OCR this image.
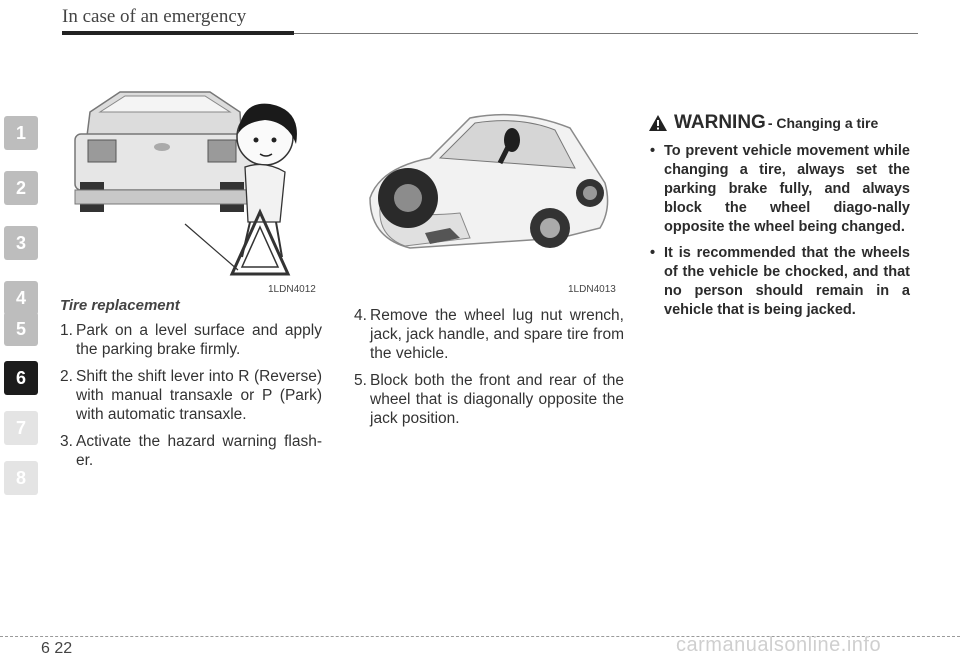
In case of an emergency
1
2
3
4
5
6
7
8
1LDN4012	1LDN4013
Tire replacement
1. Park on a level surface and apply the parking brake firmly.
2. Shift the shift lever into R (Reverse) with manual transaxle or P (Park) with automatic transaxle.
3. Activate the hazard warning flash-er.
4. Remove the wheel lug nut wrench, jack, jack handle, and spare tire from the vehicle.
5. Block both the front and rear of the wheel that is diagonally opposite the jack position.
WARNING - Changing a tire
• To prevent vehicle movement while changing a tire, always set the parking brake fully, and always block the wheel diago-nally opposite the wheel being changed.
• It is recommended that the wheels of the vehicle be chocked, and that no person should remain in a vehicle that is being jacked.
6 22	carmanualsonline.info
